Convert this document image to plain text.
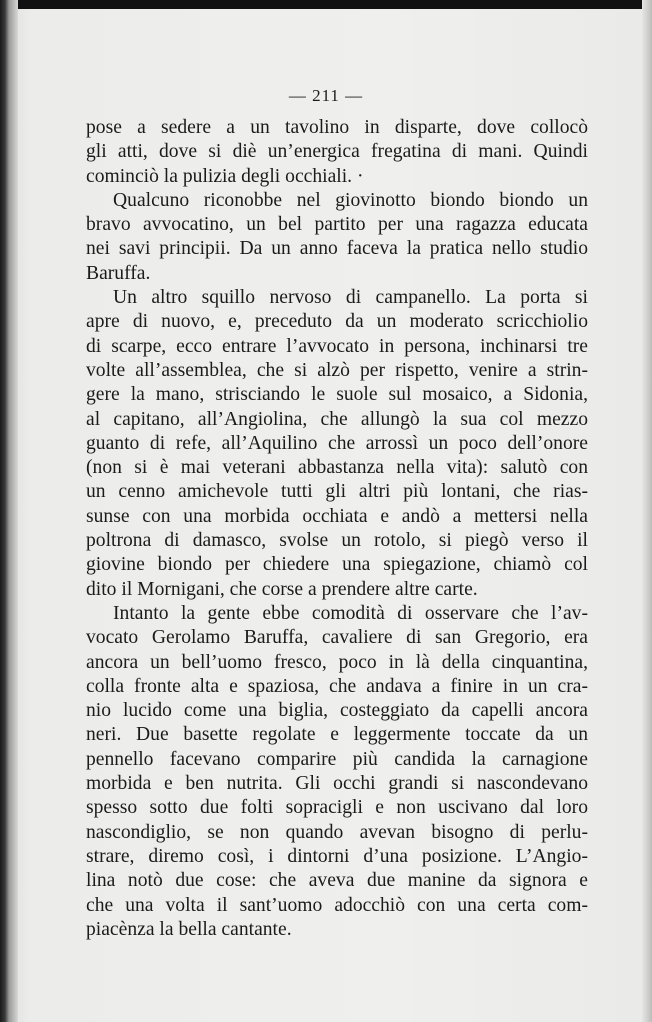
— 211 —

pose a sedere a un tavolino in disparte, dove collocò

gli atti, dove si diè un’energica fregatina di mani. Quindi

cominciò la pulizia degli occhiali. ·

Qualcuno riconobbe nel giovinotto biondo biondo un

bravo avvocatino, un bel partito per una ragazza educata

nei savi principii. Da un anno faceva la pratica nello studio

Baruffa.

Un altro squillo nervoso di campanello. La porta si

apre di nuovo, e, preceduto da un moderato scricchiolio

di scarpe, ecco entrare l’avvocato in persona, inchinarsi tre

volte all’assemblea, che si alzò per rispetto, venire a strin-

gere la mano, strisciando le suole sul mosaico, a Sidonia,

al capitano, all’Angiolina, che allungò la sua col mezzo

guanto di refe, all’Aquilino che arrossì un poco dell’onore

(non si è mai veterani abbastanza nella vita): salutò con

un cenno amichevole tutti gli altri più lontani, che rias-

sunse con una morbida occhiata e andò a mettersi nella

poltrona di damasco, svolse un rotolo, si piegò verso il

giovine biondo per chiedere una spiegazione, chiamò col

dito il Mornigani, che corse a prendere altre carte.

Intanto la gente ebbe comodità di osservare che l’av-

vocato Gerolamo Baruffa, cavaliere di san Gregorio, era

ancora un bell’uomo fresco, poco in là della cinquantina,

colla fronte alta e spaziosa, che andava a finire in un cra-

nio lucido come una biglia, costeggiato da capelli ancora

neri. Due basette regolate e leggermente toccate da un

pennello facevano comparire più candida la carnagione

morbida e ben nutrita. Gli occhi grandi si nascondevano

spesso sotto due folti sopracigli e non uscivano dal loro

nascondiglio, se non quando avevan bisogno di perlu-

strare, diremo così, i dintorni d’una posizione. L’Angio-

lina notò due cose: che aveva due manine da signora e

che una volta il sant’uomo adocchiò con una certa com-

piacènza la bella cantante.
